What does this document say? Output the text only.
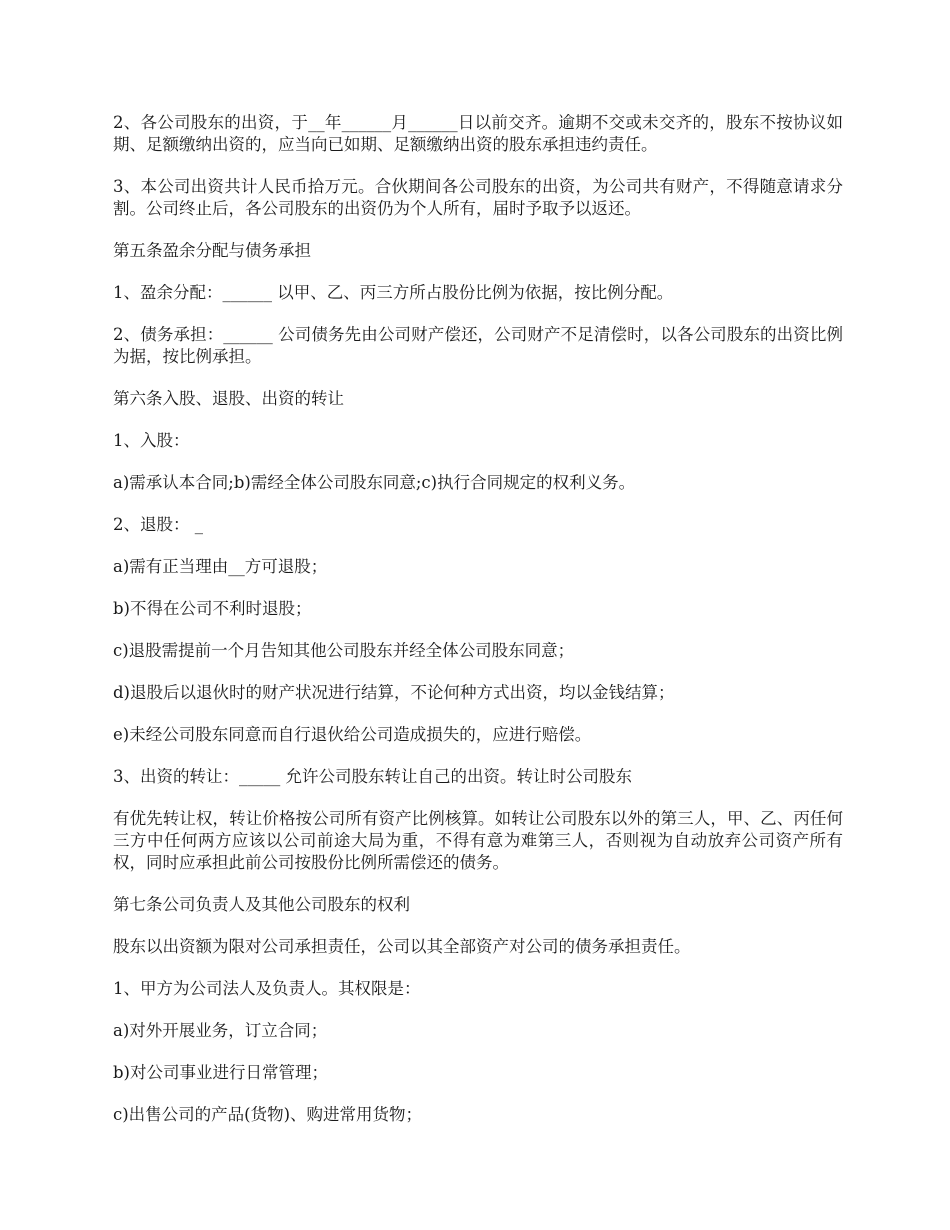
2、各公司股东的出资，于__年______月______日以前交齐。逾期不交或未交齐的，股东不按协议如期、足额缴纳出资的，应当向已如期、足额缴纳出资的股东承担违约责任。

3、本公司出资共计人民币拾万元。合伙期间各公司股东的出资，为公司共有财产，不得随意请求分割。公司终止后，各公司股东的出资仍为个人所有，届时予取予以返还。

第五条盈余分配与债务承担

1、盈余分配：______ 以甲、乙、丙三方所占股份比例为依据，按比例分配。

2、债务承担：______ 公司债务先由公司财产偿还，公司财产不足清偿时，以各公司股东的出资比例为据，按比例承担。

第六条入股、退股、出资的转让

1、入股：

a)需承认本合同;b)需经全体公司股东同意;c)执行合同规定的权利义务。

2、退股： _

a)需有正当理由__方可退股；

b)不得在公司不利时退股；

c)退股需提前一个月告知其他公司股东并经全体公司股东同意；

d)退股后以退伙时的财产状况进行结算，不论何种方式出资，均以金钱结算；

e)未经公司股东同意而自行退伙给公司造成损失的，应进行赔偿。

3、出资的转让：_____ 允许公司股东转让自己的出资。转让时公司股东

有优先转让权，转让价格按公司所有资产比例核算。如转让公司股东以外的第三人，甲、乙、丙任何三方中任何两方应该以公司前途大局为重，不得有意为难第三人，否则视为自动放弃公司资产所有权，同时应承担此前公司按股份比例所需偿还的债务。

第七条公司负责人及其他公司股东的权利

股东以出资额为限对公司承担责任，公司以其全部资产对公司的债务承担责任。

1、甲方为公司法人及负责人。其权限是：

a)对外开展业务，订立合同；

b)对公司事业进行日常管理；

c)出售公司的产品(货物)、购进常用货物；
